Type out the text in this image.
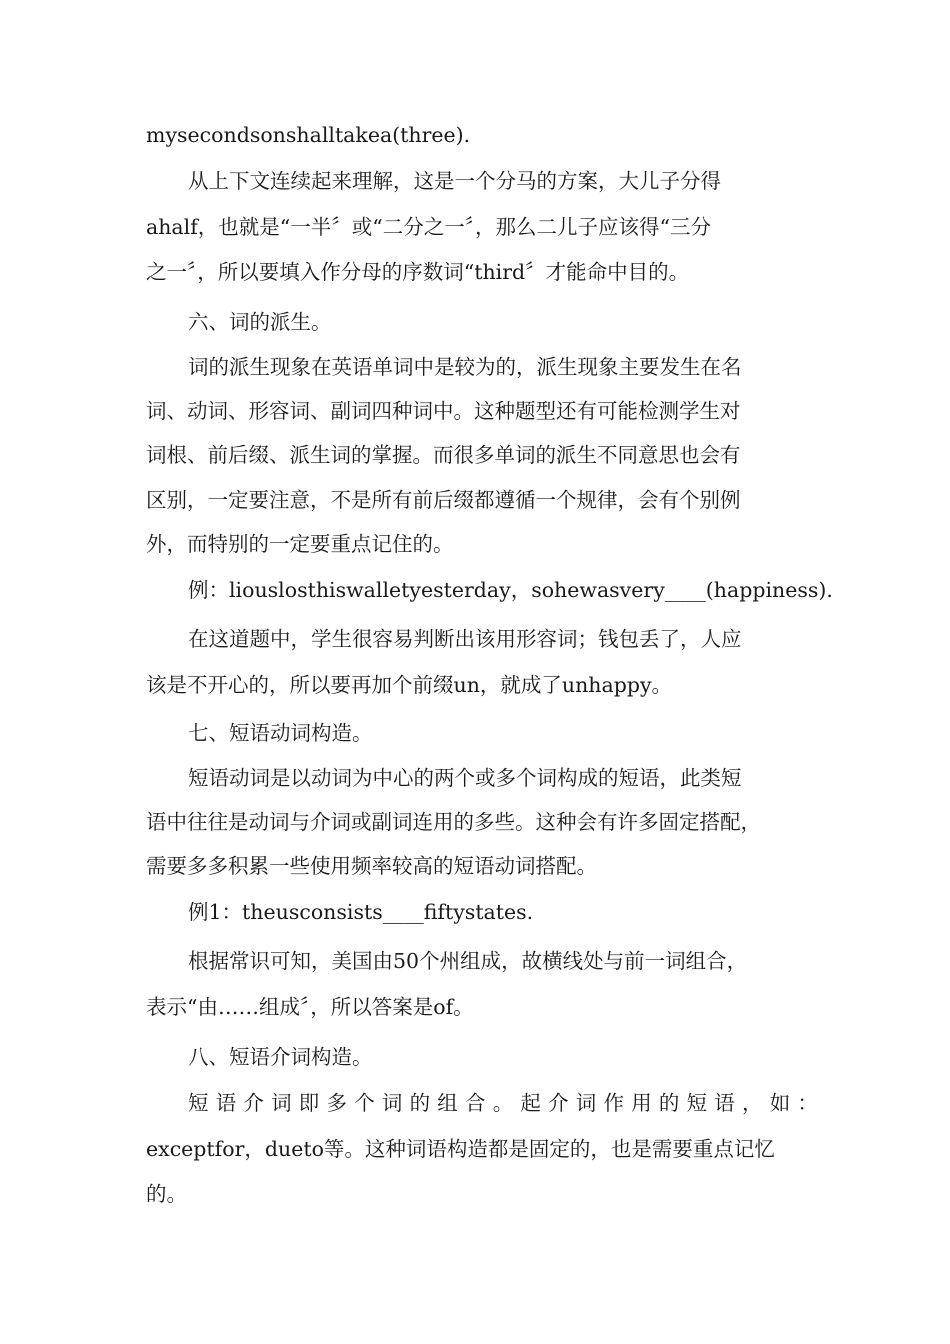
mysecondsonshalltakea(three).
从上下文连续起来理解，这是一个分马的方案，大儿子分得
ahalf，也就是“一半〞或“二分之一〞，那么二儿子应该得“三分
之一〞，所以要填入作分母的序数词“third〞才能命中目的。
六、词的派生。
词的派生现象在英语单词中是较为的，派生现象主要发生在名
词、动词、形容词、副词四种词中。这种题型还有可能检测学生对
词根、前后缀、派生词的掌握。而很多单词的派生不同意思也会有
区别，一定要注意，不是所有前后缀都遵循一个规律，会有个别例
外，而特别的一定要重点记住的。
例：liouslosthiswalletyesterday，sohewasvery____(happiness).
在这道题中，学生很容易判断出该用形容词；钱包丢了，人应
该是不开心的，所以要再加个前缀un，就成了unhappy。
七、短语动词构造。
短语动词是以动词为中心的两个或多个词构成的短语，此类短
语中往往是动词与介词或副词连用的多些。这种会有许多固定搭配，
需要多多积累一些使用频率较高的短语动词搭配。
例1：theusconsists____fiftystates.
根据常识可知，美国由50个州组成，故横线处与前一词组合，
表示“由……组成〞，所以答案是of。
八、短语介词构造。
短语介词即多个词的组合。起介词作用的短语，如：
exceptfor，dueto等。这种词语构造都是固定的，也是需要重点记忆
的。
